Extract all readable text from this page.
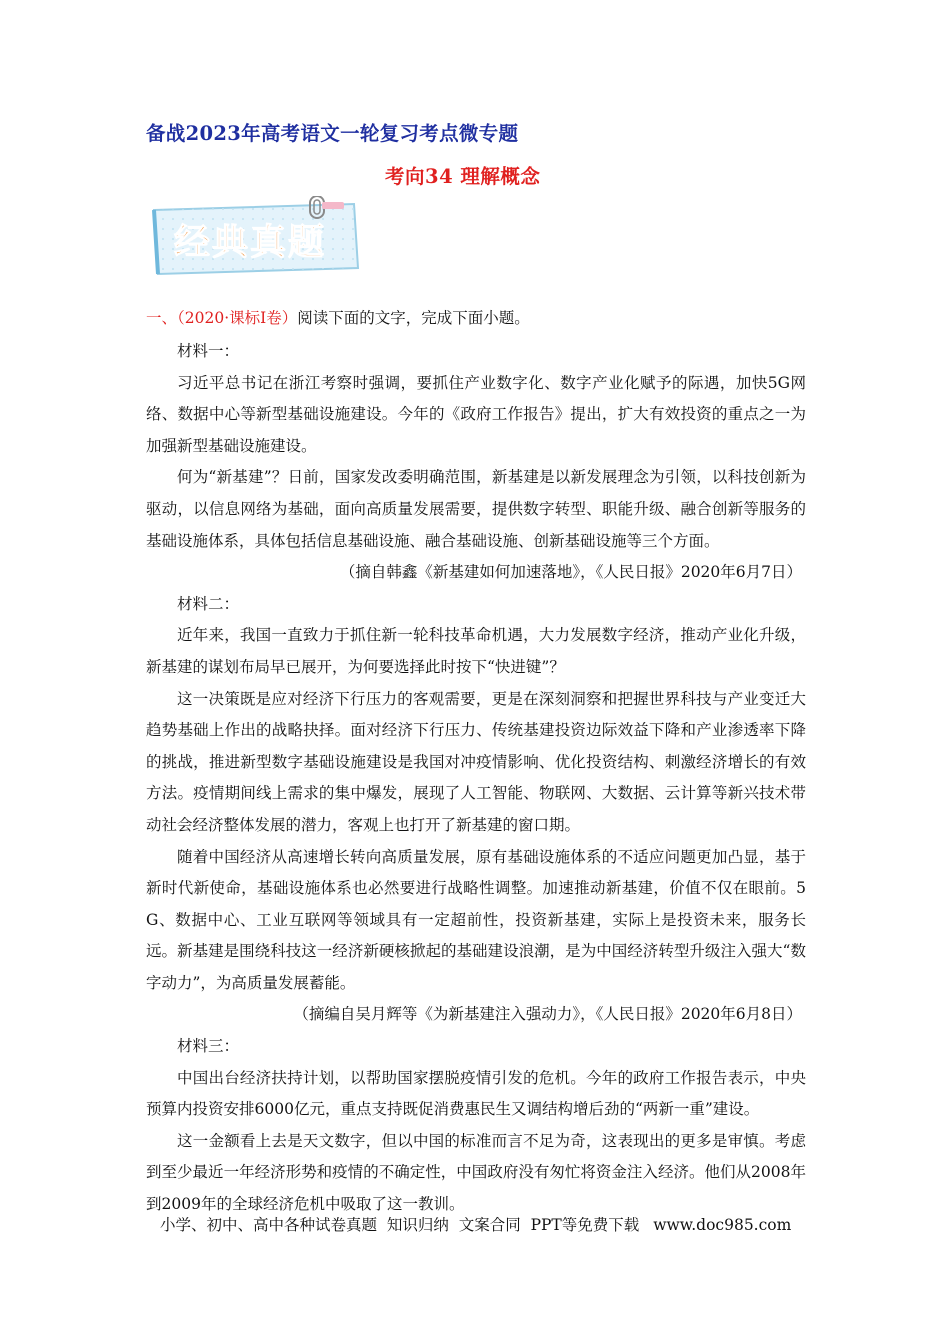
备战2023年高考语文一轮复习考点微专题
考向34 理解概念
经典真题
一、（2020·课标I卷）阅读下面的文字，完成下面小题。

材料一：

习近平总书记在浙江考察时强调，要抓住产业数字化、数字产业化赋予的际遇，加快5G网络、数据中心等新型基础设施建设。今年的《政府工作报告》提出，扩大有效投资的重点之一为加强新型基础设施建设。

何为“新基建”？日前，国家发改委明确范围，新基建是以新发展理念为引领，以科技创新为驱动，以信息网络为基础，面向高质量发展需要，提供数字转型、职能升级、融合创新等服务的基础设施体系，具体包括信息基础设施、融合基础设施、创新基础设施等三个方面。

（摘自韩鑫《新基建如何加速落地》，《人民日报》2020年6月7日）

材料二：

近年来，我国一直致力于抓住新一轮科技革命机遇，大力发展数字经济，推动产业化升级，新基建的谋划布局早已展开，为何要选择此时按下“快进键”？

这一决策既是应对经济下行压力的客观需要，更是在深刻洞察和把握世界科技与产业变迁大趋势基础上作出的战略抉择。面对经济下行压力、传统基建投资边际效益下降和产业渗透率下降的挑战，推进新型数字基础设施建设是我国对冲疫情影响、优化投资结构、刺激经济增长的有效方法。疫情期间线上需求的集中爆发，展现了人工智能、物联网、大数据、云计算等新兴技术带动社会经济整体发展的潜力，客观上也打开了新基建的窗口期。

随着中国经济从高速增长转向高质量发展，原有基础设施体系的不适应问题更加凸显，基于新时代新使命，基础设施体系也必然要进行战略性调整。加速推动新基建，价值不仅在眼前。5G、数据中心、工业互联网等领域具有一定超前性，投资新基建，实际上是投资未来，服务长远。新基建是围绕科技这一经济新硬核掀起的基础建设浪潮，是为中国经济转型升级注入强大“数字动力”，为高质量发展蓄能。

（摘编自吴月辉等《为新基建注入强动力》，《人民日报》2020年6月8日）

材料三：

中国出台经济扶持计划，以帮助国家摆脱疫情引发的危机。今年的政府工作报告表示，中央预算内投资安排6000亿元，重点支持既促消费惠民生又调结构增后劲的“两新一重”建设。

这一金额看上去是天文数字，但以中国的标准而言不足为奇，这表现出的更多是审慎。考虑到至少最近一年经济形势和疫情的不确定性，中国政府没有匆忙将资金注入经济。他们从2008年到2009年的全球经济危机中吸取了这一教训。

小学、初中、高中各种试卷真题  知识归纳  文案合同  PPT等免费下载 www.doc985.com
